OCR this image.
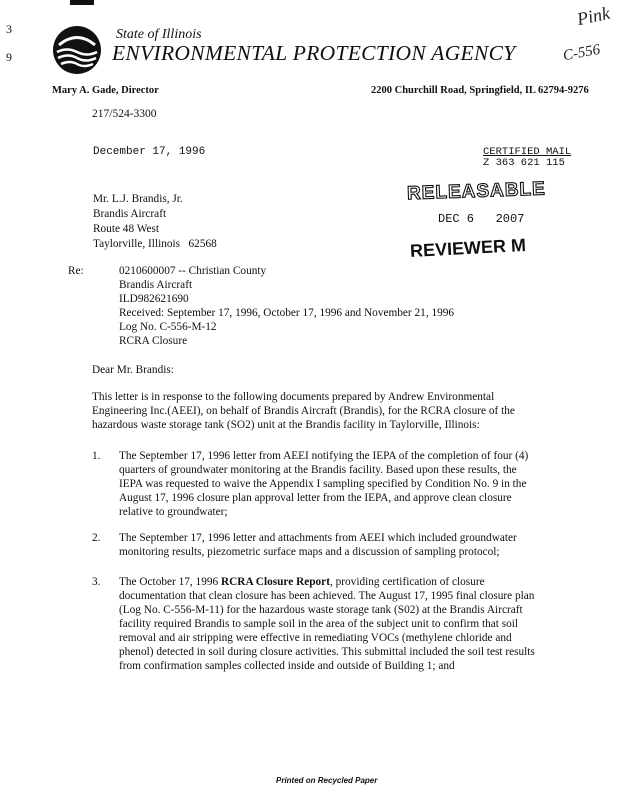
3
9
State of Illinois
ENVIRONMENTAL PROTECTION AGENCY
Pink
C-556
Mary A. Gade, Director	2200 Churchill Road, Springfield, IL 62794-9276
217/524-3300
December 17, 1996	CERTIFIED MAIL
Z 363 621 115
RELEASABLE
DEC 6   2007
REVIEWER M
Mr. L.J. Brandis, Jr.
Brandis Aircraft
Route 48 West
Taylorville, Illinois   62568
Re:	0210600007 -- Christian County
Brandis Aircraft
ILD982621690
Received: September 17, 1996, October 17, 1996 and November 21, 1996
Log No. C-556-M-12
RCRA Closure
Dear Mr. Brandis:
This letter is in response to the following documents prepared by Andrew Environmental
Engineering Inc.(AEEI), on behalf of Brandis Aircraft (Brandis), for the RCRA closure of the
hazardous waste storage tank (SO2) unit at the Brandis facility in Taylorville, Illinois:
1. The September 17, 1996 letter from AEEI notifying the IEPA of the completion of four (4)
quarters of groundwater monitoring at the Brandis facility. Based upon these results, the
IEPA was requested to waive the Appendix I sampling specified by Condition No. 9 in the
August 17, 1996 closure plan approval letter from the IEPA, and approve clean closure
relative to groundwater;
2. The September 17, 1996 letter and attachments from AEEI which included groundwater
monitoring results, piezometric surface maps and a discussion of sampling protocol;
3. The October 17, 1996 RCRA Closure Report, providing certification of closure
documentation that clean closure has been achieved. The August 17, 1995 final closure plan
(Log No. C-556-M-11) for the hazardous waste storage tank (S02) at the Brandis Aircraft
facility required Brandis to sample soil in the area of the subject unit to confirm that soil
removal and air stripping were effective in remediating VOCs (methylene chloride and
phenol) detected in soil during closure activities. This submittal included the soil test results
from confirmation samples collected inside and outside of Building 1; and
Printed on Recycled Paper
